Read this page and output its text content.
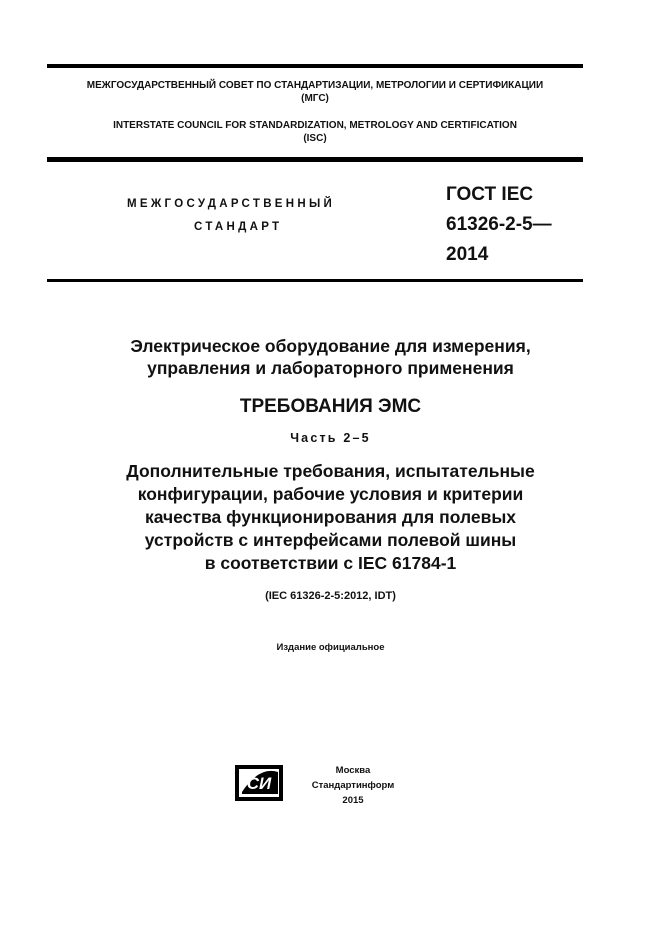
МЕЖГОСУДАРСТВЕННЫЙ СОВЕТ ПО СТАНДАРТИЗАЦИИ, МЕТРОЛОГИИ И СЕРТИФИКАЦИИ
(МГС)
INTERSTATE COUNCIL FOR STANDARDIZATION, METROLOGY AND CERTIFICATION
(ISC)
МЕЖГОСУДАРСТВЕННЫЙ
СТАНДАРТ
ГОСТ IEC
61326-2-5—
2014
Электрическое оборудование для измерения,
управления и лабораторного применения
ТРЕБОВАНИЯ ЭМС
Часть 2–5
Дополнительные требования, испытательные
конфигурации, рабочие условия и критерии
качества функционирования для полевых
устройств с интерфейсами полевой шины
в соответствии с IEC 61784-1
(IEC 61326-2-5:2012, IDT)
Издание официальное
СИ
Москва
Стандартинформ
2015
